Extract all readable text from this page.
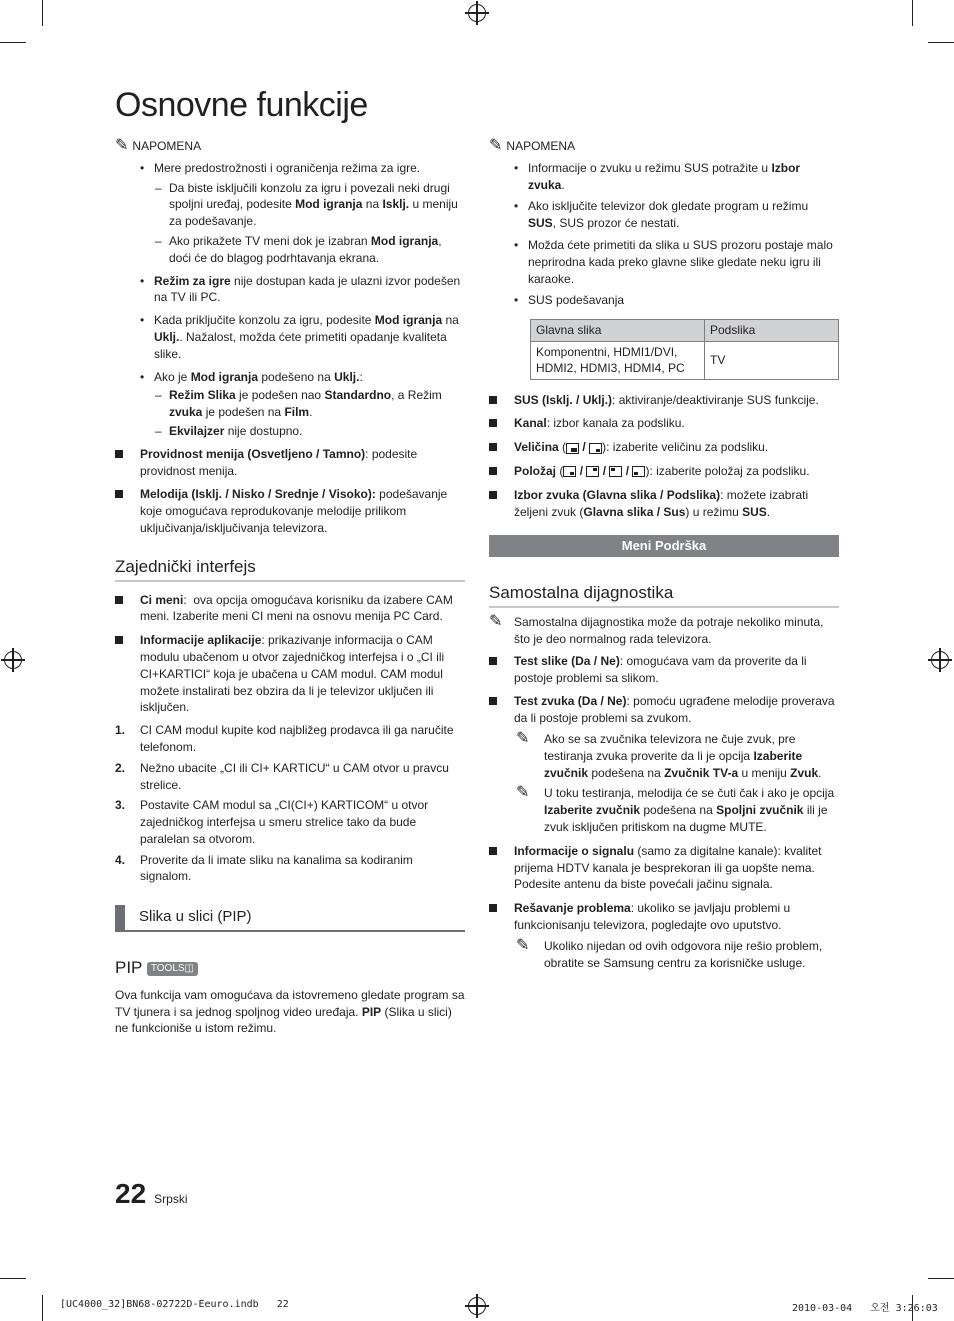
Osnovne funkcije
✎ NAPOMENA

• Mere predostrožnosti i ograničenja režima za igre.

– Da biste isključili konzolu za igru i povezali neki drugi spoljni uređaj, podesite Mod igranja na Isklj. u meniju za podešavanje.

– Ako prikažete TV meni dok je izabran Mod igranja, doći će do blagog podrhtavanja ekrana.

• Režim za igre nije dostupan kada je ulazni izvor podešen na TV ili PC.

• Kada priključite konzolu za igru, podesite Mod igranja na Uklj.. Nažalost, možda ćete primetiti opadanje kvaliteta slike.

• Ako je Mod igranja podešeno na Uklj.:

– Režim Slika je podešen nao Standardno, a Režim zvuka je podešen na Film.

– Ekvilajzer nije dostupno.

Providnost menija (Osvetljeno / Tamno): podesite providnost menija.

Melodija (Isklj. / Nisko / Srednje / Visoko): podešavanje koje omogućava reprodukovanje melodije prilikom uključivanja/isključivanja televizora.

Zajednički interfejs

Ci meni:  ova opcija omogućava korisniku da izabere CAM meni. Izaberite meni CI meni na osnovu menija PC Card.

Informacije aplikacije: prikazivanje informacija o CAM modulu ubačenom u otvor zajedničkog interfejsa i o „CI ili CI+KARTICI“ koja je ubačena u CAM modul. CAM modul možete instalirati bez obzira da li je televizor uključen ili isključen.

1. CI CAM modul kupite kod najbližeg prodavca ili ga naručite telefonom.

2. Nežno ubacite „CI ili CI+ KARTICU“ u CAM otvor u pravcu strelice.

3. Postavite CAM modul sa „CI(CI+) KARTICOM“ u otvor zajedničkog interfejsa u smeru strelice tako da bude paralelan sa otvorom.

4. Proverite da li imate sliku na kanalima sa kodiranim signalom.

Slika u slici (PIP)
PIP TOOLS◫

Ova funkcija vam omogućava da istovremeno gledate program sa TV tjunera i sa jednog spoljnog video uređaja. PIP (Slika u slici) ne funkcioniše u istom režimu.

✎ NAPOMENA

• Informacije o zvuku u režimu SUS potražite u Izbor zvuka.

• Ako isključite televizor dok gledate program u režimu SUS, SUS prozor će nestati.

• Možda ćete primetiti da slika u SUS prozoru postaje malo neprirodna kada preko glavne slike gledate neku igru ili karaoke.

• SUS podešavanja

Glavna slika	Podslika
Komponentni, HDMI1/DVI, HDMI2, HDMI3, HDMI4, PC	TV

SUS (Isklj. / Uklj.): aktiviranje/deaktiviranje SUS funkcije.

Kanal: izbor kanala za podsliku.

Veličina ( / ): izaberite veličinu za podsliku.

Položaj ( / / / ): izaberite položaj za podsliku.

Izbor zvuka (Glavna slika / Podslika): možete izabrati željeni zvuk (Glavna slika / Sus) u režimu SUS.

Meni Podrška
Samostalna dijagnostika

✎ Samostalna dijagnostika može da potraje nekoliko minuta, što je deo normalnog rada televizora.

Test slike (Da / Ne): omogućava vam da proverite da li postoje problemi sa slikom.

Test zvuka (Da / Ne): pomoću ugrađene melodije proverava da li postoje problemi sa zvukom.

✎ Ako se sa zvučnika televizora ne čuje zvuk, pre testiranja zvuka proverite da li je opcija Izaberite zvučnik podešena na Zvučnik TV-a u meniju Zvuk.

✎ U toku testiranja, melodija će se čuti čak i ako je opcija Izaberite zvučnik podešena na Spoljni zvučnik ili je zvuk isključen pritiskom na dugme MUTE.

Informacije o signalu (samo za digitalne kanale): kvalitet prijema HDTV kanala je besprekoran ili ga uopšte nema. Podesite antenu da biste povećali jačinu signala.

Rešavanje problema: ukoliko se javljaju problemi u funkcionisanju televizora, pogledajte ovo uputstvo.

✎ Ukoliko nijedan od ovih odgovora nije rešio problem, obratite se Samsung centru za korisničke usluge.

22 Srpski
[UC4000_32]BN68-02722D-Eeuro.indb   22	2010-03-04   오전 3:26:03
